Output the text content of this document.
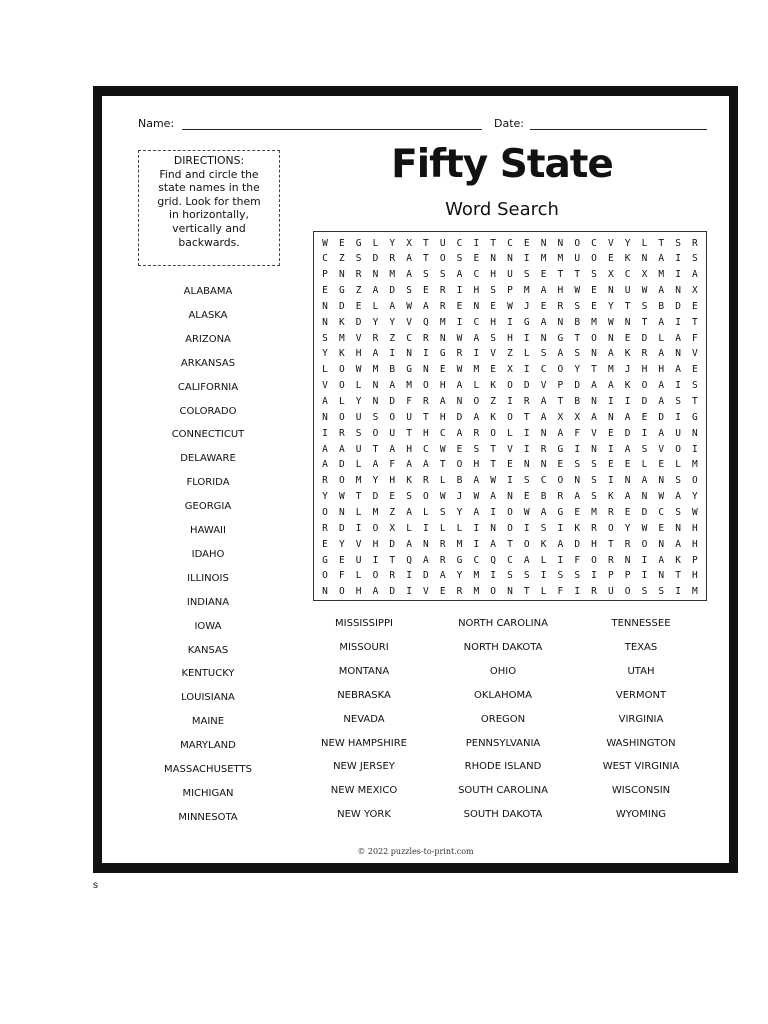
Name:	Date:
DIRECTIONS:
Find and circle the
state names in the
grid. Look for them
in horizontally,
vertically and
backwards.
Fifty State
Word Search
W	E	G	L	Y	X	T	U	C	I	T	C	E	N	N	O	C	V	Y	L	T	S	R
C	Z	S	D	R	A	T	O	S	E	N	N	I	M	M	U	O	E	K	N	A	I	S
P	N	R	N	M	A	S	S	A	C	H	U	S	E	T	T	S	X	C	X	M	I	A
E	G	Z	A	D	S	E	R	I	H	S	P	M	A	H	W	E	N	U	W	A	N	X
N	D	E	L	A	W	A	R	E	N	E	W	J	E	R	S	E	Y	T	S	B	D	E
N	K	D	Y	Y	V	Q	M	I	C	H	I	G	A	N	B	M	W	N	T	A	I	T
S	M	V	R	Z	C	R	N	W	A	S	H	I	N	G	T	O	N	E	D	L	A	F
Y	K	H	A	I	N	I	G	R	I	V	Z	L	S	A	S	N	A	K	R	A	N	V
L	O	W	M	B	G	N	E	W	M	E	X	I	C	O	Y	T	M	J	H	H	A	E
V	O	L	N	A	M	O	H	A	L	K	O	D	V	P	D	A	A	K	O	A	I	S
A	L	Y	N	D	F	R	A	N	O	Z	I	R	A	T	B	N	I	I	D	A	S	T
N	O	U	S	O	U	T	H	D	A	K	O	T	A	X	X	A	N	A	E	D	I	G
I	R	S	O	U	T	H	C	A	R	O	L	I	N	A	F	V	E	D	I	A	U	N
A	A	U	T	A	H	C	W	E	S	T	V	I	R	G	I	N	I	A	S	V	O	I
A	D	L	A	F	A	A	T	O	H	T	E	N	N	E	S	S	E	E	L	E	L	M
R	O	M	Y	H	K	R	L	B	A	W	I	S	C	O	N	S	I	N	A	N	S	O
Y	W	T	D	E	S	O	W	J	W	A	N	E	B	R	A	S	K	A	N	W	A	Y
O	N	L	M	Z	A	L	S	Y	A	I	O	W	A	G	E	M	R	E	D	C	S	W
R	D	I	O	X	L	I	L	L	I	N	O	I	S	I	K	R	O	Y	W	E	N	H
E	Y	V	H	D	A	N	R	M	I	A	T	O	K	A	D	H	T	R	O	N	A	H
G	E	U	I	T	Q	A	R	G	C	Q	C	A	L	I	F	O	R	N	I	A	K	P
O	F	L	O	R	I	D	A	Y	M	I	S	S	I	S	S	I	P	P	I	N	T	H
N	O	H	A	D	I	V	E	R	M	O	N	T	L	F	I	R	U	O	S	S	I	M
ALABAMA
ALASKA
ARIZONA
ARKANSAS
CALIFORNIA
COLORADO
CONNECTICUT
DELAWARE
FLORIDA
GEORGIA
HAWAII
IDAHO
ILLINOIS
INDIANA
IOWA
KANSAS
KENTUCKY
LOUISIANA
MAINE
MARYLAND
MASSACHUSETTS
MICHIGAN
MINNESOTA
MISSISSIPPI
MISSOURI
MONTANA
NEBRASKA
NEVADA
NEW HAMPSHIRE
NEW JERSEY
NEW MEXICO
NEW YORK
NORTH CAROLINA
NORTH DAKOTA
OHIO
OKLAHOMA
OREGON
PENNSYLVANIA
RHODE ISLAND
SOUTH CAROLINA
SOUTH DAKOTA
TENNESSEE
TEXAS
UTAH
VERMONT
VIRGINIA
WASHINGTON
WEST VIRGINIA
WISCONSIN
WYOMING
© 2022 puzzles-to-print.com
s
